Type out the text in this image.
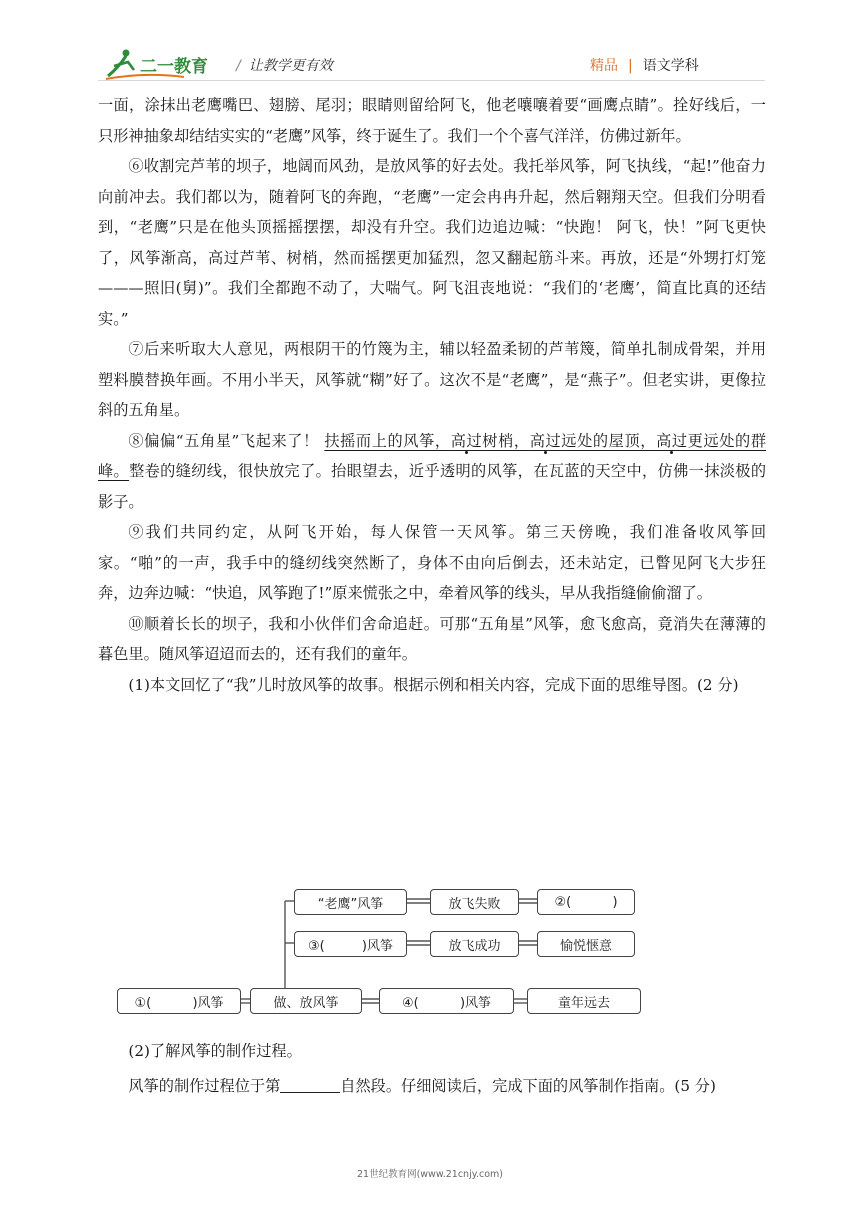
二一教育 / 让教学更有效	精品 | 语文学科

一面，涂抹出老鹰嘴巴、翅膀、尾羽；眼睛则留给阿飞，他老嚷嚷着要“画鹰点睛”。拴好线后，一只形神抽象却结结实实的“老鹰”风筝，终于诞生了。我们一个个喜气洋洋，仿佛过新年。

⑥收割完芦苇的坝子，地阔而风劲，是放风筝的好去处。我托举风筝，阿飞执线，“起!”他奋力向前冲去。我们都以为，随着阿飞的奔跑，“老鹰”一定会冉冉升起，然后翱翔天空。但我们分明看到，“老鹰”只是在他头顶摇摇摆摆，却没有升空。我们边追边喊：“快跑！ 阿飞，快！”阿飞更快了，风筝渐高，高过芦苇、树梢，然而摇摆更加猛烈，忽又翻起筋斗来。再放，还是“外甥打灯笼———照旧(舅)”。我们全都跑不动了，大喘气。阿飞沮丧地说：“我们的‘老鹰’，简直比真的还结实。”

⑦后来听取大人意见，两根阴干的竹篾为主，辅以轻盈柔韧的芦苇篾，简单扎制成骨架，并用塑料膜替换年画。不用小半天，风筝就“糊”好了。这次不是“老鹰”，是“燕子”。但老实讲，更像拉斜的五角星。

⑧偏偏“五角星”飞起来了！ 扶摇而上的风筝，高过树梢，高过远处的屋顶，高过更远处的群峰。整卷的缝纫线，很快放完了。抬眼望去，近乎透明的风筝，在瓦蓝的天空中，仿佛一抹淡极的影子。

⑨我们共同约定，从阿飞开始，每人保管一天风筝。第三天傍晚，我们准备收风筝回家。“啪”的一声，我手中的缝纫线突然断了，身体不由向后倒去，还未站定，已瞥见阿飞大步狂奔，边奔边喊：“快追，风筝跑了!”原来慌张之中，牵着风筝的线头，早从我指缝偷偷溜了。

⑩顺着长长的坝子，我和小伙伴们舍命追赶。可那“五角星”风筝，愈飞愈高，竟消失在薄薄的暮色里。随风筝迢迢而去的，还有我们的童年。

(1)本文回忆了“我”儿时放风筝的故事。根据示例和相关内容，完成下面的思维导图。(2 分)

①(          )风筝	做、放风筝
“老鹰”风筝	放飞失败	②(          )
③(         )风筝	放飞成功	愉悦惬意
④(          )风筝	童年远去

(2)了解风筝的制作过程。

风筝的制作过程位于第	自然段。仔细阅读后，完成下面的风筝制作指南。(5 分)

21世纪教育网(www.21cnjy.com)
